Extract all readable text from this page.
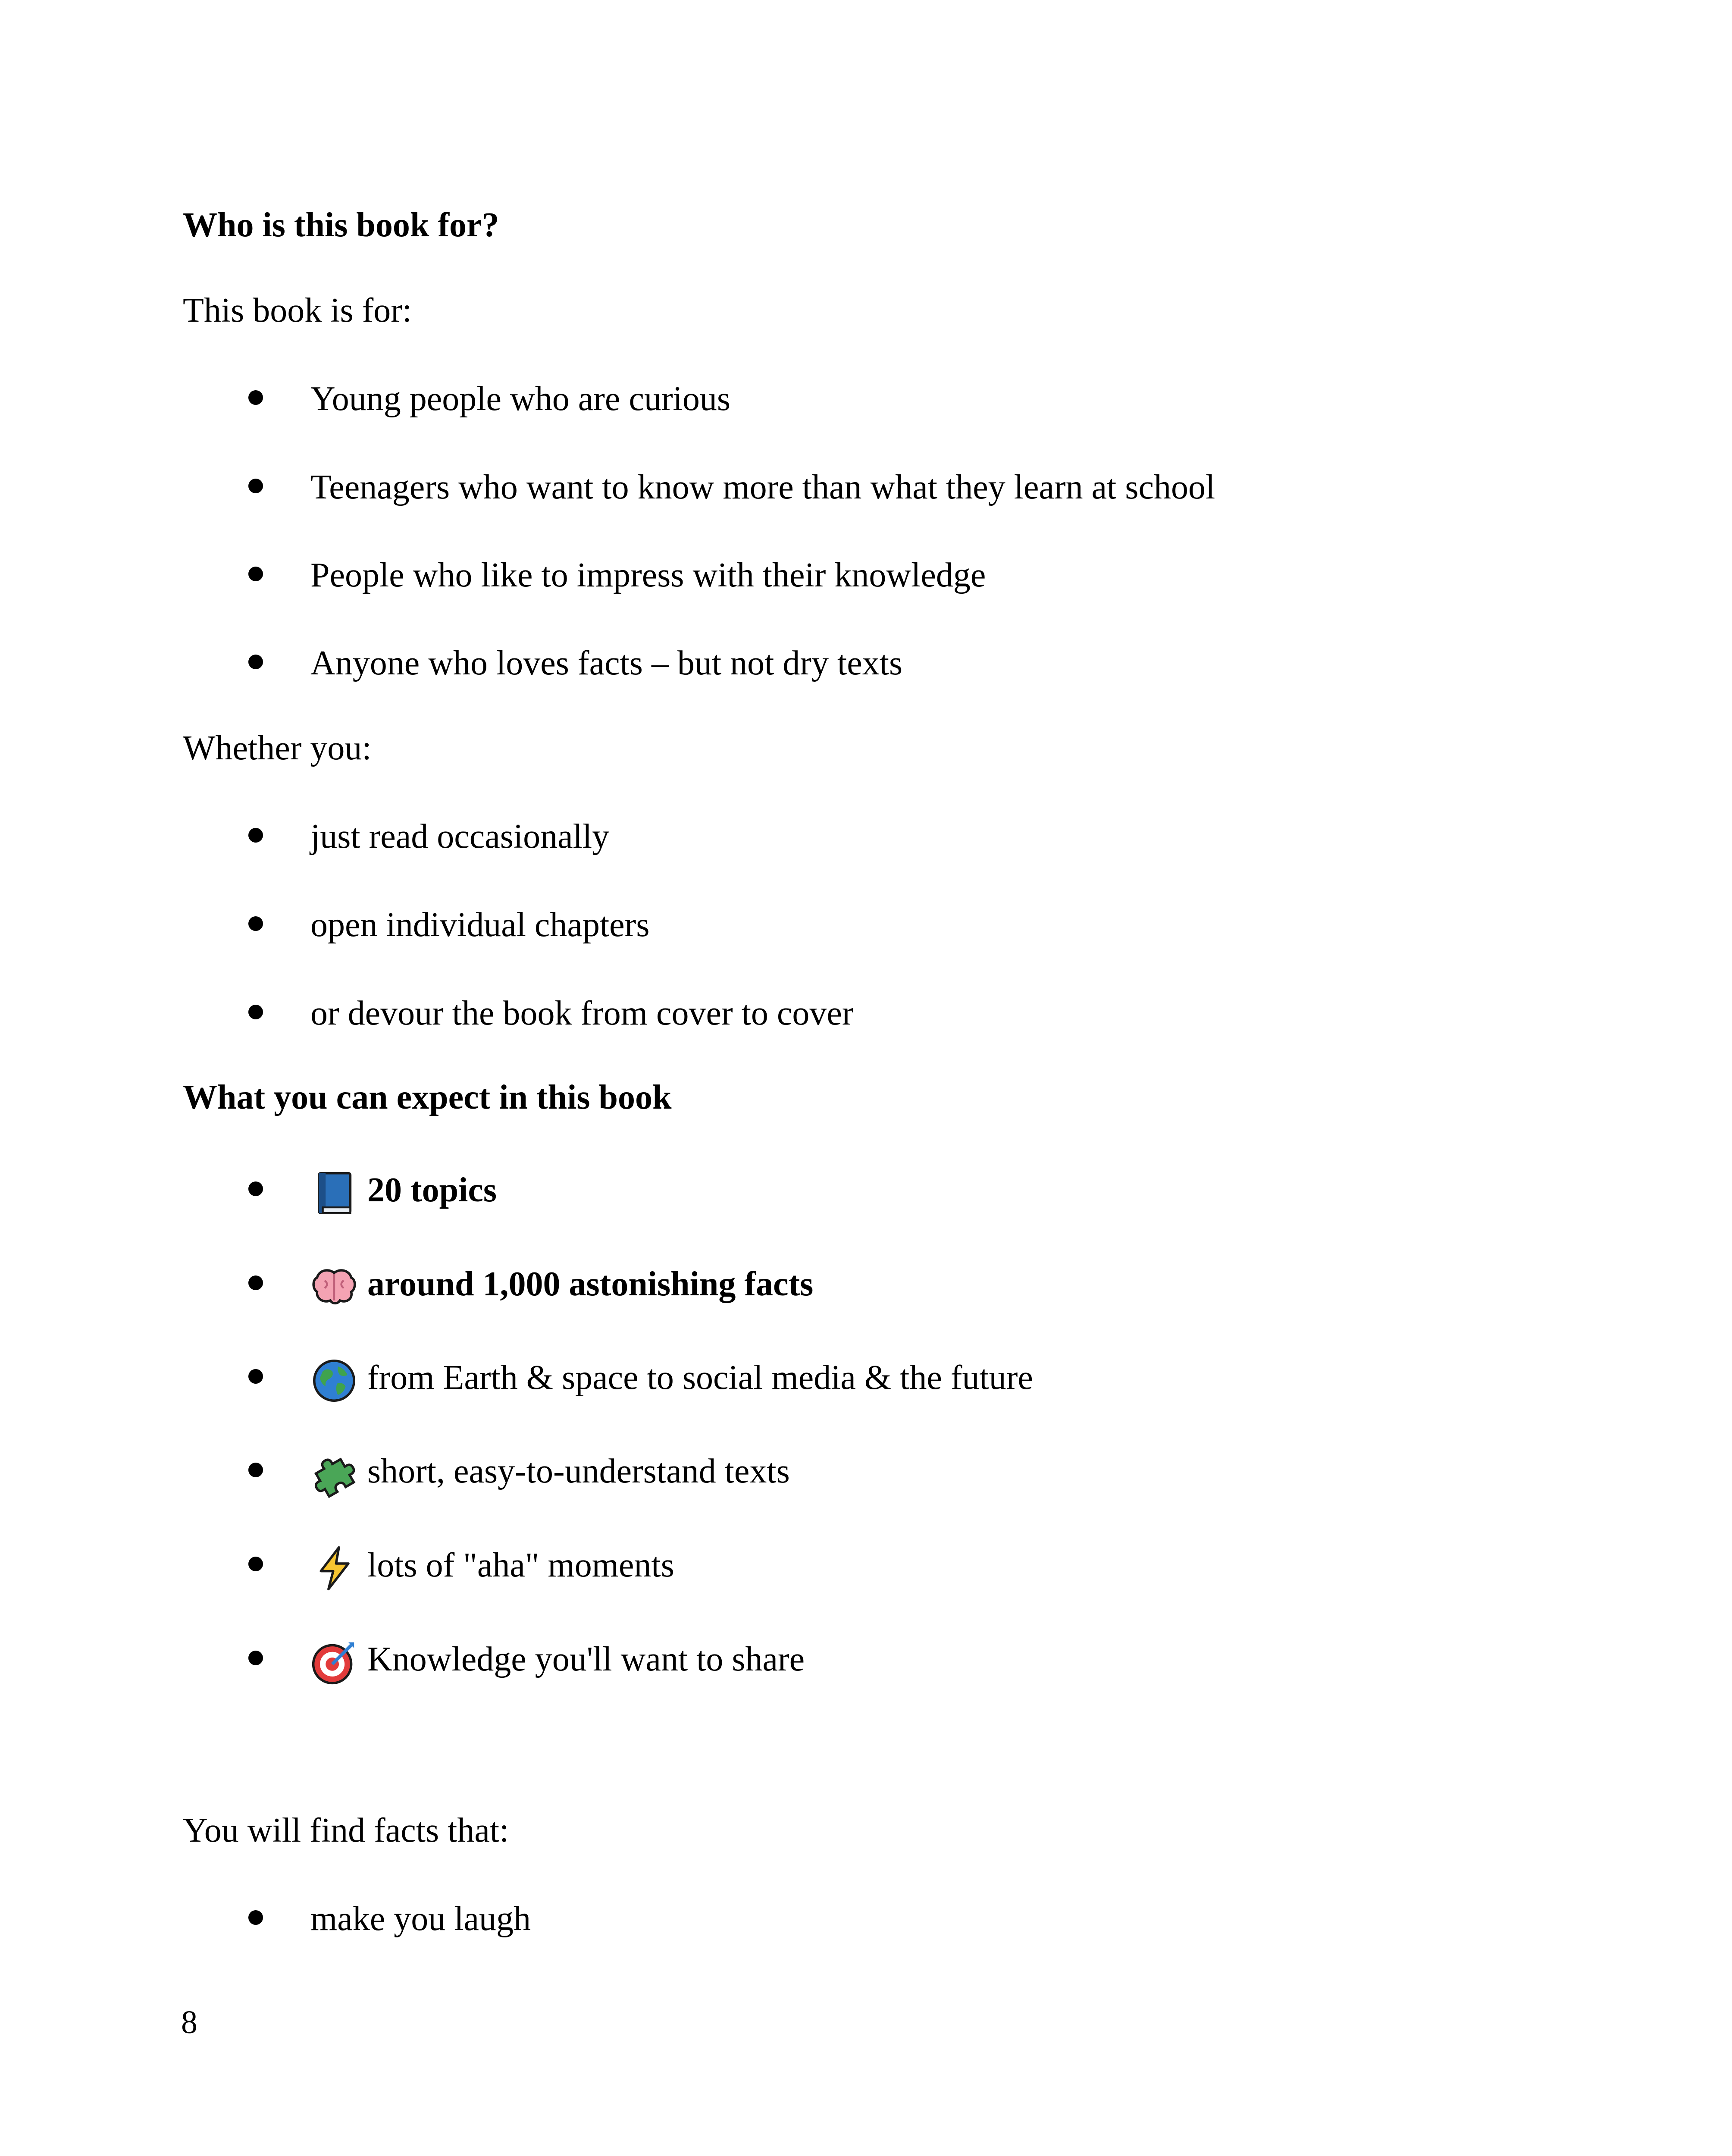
Who is this book for?
This book is for:
Young people who are curious
Teenagers who want to know more than what they learn at school
People who like to impress with their knowledge
Anyone who loves facts – but not dry texts
Whether you:
just read occasionally
open individual chapters
or devour the book from cover to cover
What you can expect in this book
20 topics
around 1,000 astonishing facts
from Earth & space to social media & the future
short, easy-to-understand texts
lots of "aha" moments
Knowledge you'll want to share
You will find facts that:
make you laugh
8
